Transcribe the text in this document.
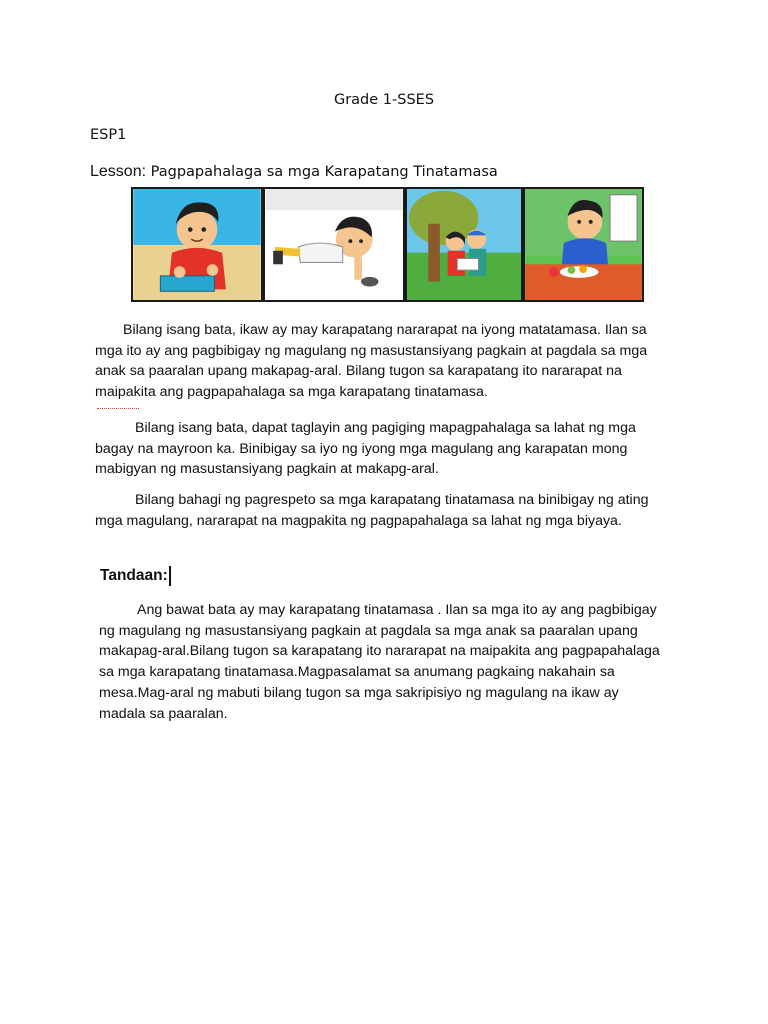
Grade 1-SSES
ESP1
Lesson: Pagpapahalaga sa mga Karapatang Tinatamasa
Bilang isang bata, ikaw ay may karapatang nararapat na iyong matatamasa. Ilan sa mga ito ay ang pagbibigay ng magulang ng masustansiyang pagkain at pagdala sa mga anak sa paaralan upang makapag-aral. Bilang tugon sa karapatang ito nararapat na maipakita ang pagpapahalaga sa mga karapatang tinatamasa.
Bilang isang bata, dapat taglayin ang pagiging mapagpahalaga sa lahat ng mga bagay na mayroon ka. Binibigay sa iyo ng iyong mga magulang ang karapatan mong mabigyan ng masustansiyang pagkain at makapg-aral.
Bilang bahagi ng pagrespeto sa mga karapatang tinatamasa na binibigay ng ating mga magulang, nararapat na magpakita ng pagpapahalaga sa lahat ng mga biyaya.
Tandaan:
Ang bawat bata ay may karapatang tinatamasa . Ilan sa mga ito ay ang pagbibigay ng magulang ng masustansiyang pagkain at pagdala sa mga anak sa paaralan upang makapag-aral.Bilang tugon sa karapatang ito nararapat na maipakita ang pagpapahalaga sa mga karapatang tinatamasa.Magpasalamat sa anumang pagkaing nakahain sa mesa.Mag-aral ng mabuti bilang tugon sa mga sakripisiyo ng magulang na ikaw ay madala sa paaralan.
